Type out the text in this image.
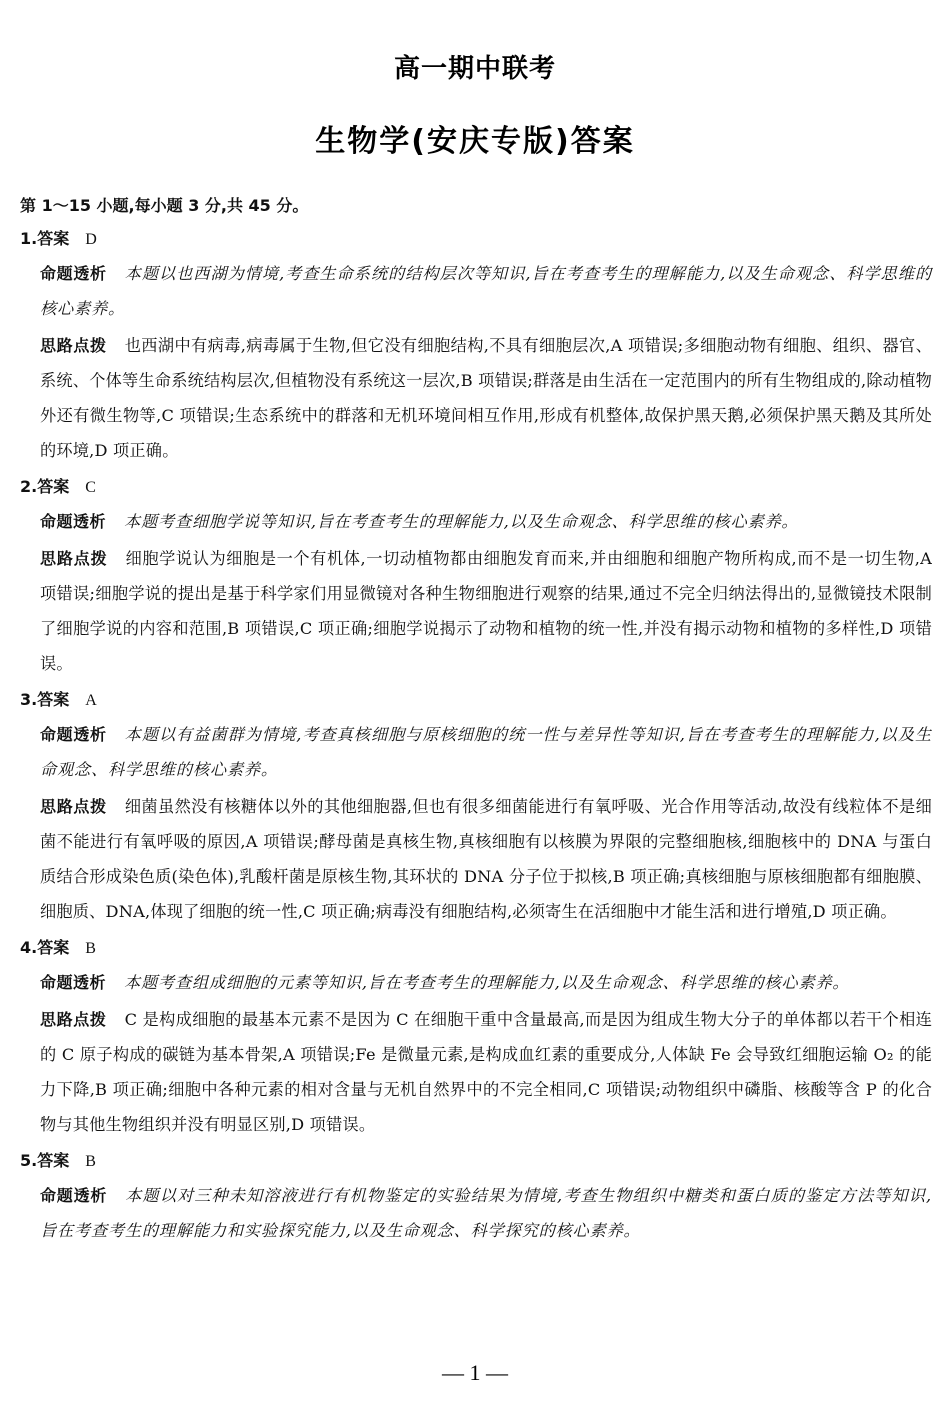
高一期中联考
生物学(安庆专版)答案
第 1～15 小题,每小题 3 分,共 45 分。
1.答案 D
命题透析 本题以也西湖为情境,考查生命系统的结构层次等知识,旨在考查考生的理解能力,以及生命观念、科学思维的核心素养。
思路点拨 也西湖中有病毒,病毒属于生物,但它没有细胞结构,不具有细胞层次,A 项错误;多细胞动物有细胞、组织、器官、系统、个体等生命系统结构层次,但植物没有系统这一层次,B 项错误;群落是由生活在一定范围内的所有生物组成的,除动植物外还有微生物等,C 项错误;生态系统中的群落和无机环境间相互作用,形成有机整体,故保护黑天鹅,必须保护黑天鹅及其所处的环境,D 项正确。
2.答案 C
命题透析 本题考查细胞学说等知识,旨在考查考生的理解能力,以及生命观念、科学思维的核心素养。
思路点拨 细胞学说认为细胞是一个有机体,一切动植物都由细胞发育而来,并由细胞和细胞产物所构成,而不是一切生物,A 项错误;细胞学说的提出是基于科学家们用显微镜对各种生物细胞进行观察的结果,通过不完全归纳法得出的,显微镜技术限制了细胞学说的内容和范围,B 项错误,C 项正确;细胞学说揭示了动物和植物的统一性,并没有揭示动物和植物的多样性,D 项错误。
3.答案 A
命题透析 本题以有益菌群为情境,考查真核细胞与原核细胞的统一性与差异性等知识,旨在考查考生的理解能力,以及生命观念、科学思维的核心素养。
思路点拨 细菌虽然没有核糖体以外的其他细胞器,但也有很多细菌能进行有氧呼吸、光合作用等活动,故没有线粒体不是细菌不能进行有氧呼吸的原因,A 项错误;酵母菌是真核生物,真核细胞有以核膜为界限的完整细胞核,细胞核中的 DNA 与蛋白质结合形成染色质(染色体),乳酸杆菌是原核生物,其环状的 DNA 分子位于拟核,B 项正确;真核细胞与原核细胞都有细胞膜、细胞质、DNA,体现了细胞的统一性,C 项正确;病毒没有细胞结构,必须寄生在活细胞中才能生活和进行增殖,D 项正确。
4.答案 B
命题透析 本题考查组成细胞的元素等知识,旨在考查考生的理解能力,以及生命观念、科学思维的核心素养。
思路点拨 C 是构成细胞的最基本元素不是因为 C 在细胞干重中含量最高,而是因为组成生物大分子的单体都以若干个相连的 C 原子构成的碳链为基本骨架,A 项错误;Fe 是微量元素,是构成血红素的重要成分,人体缺 Fe 会导致红细胞运输 O₂ 的能力下降,B 项正确;细胞中各种元素的相对含量与无机自然界中的不完全相同,C 项错误;动物组织中磷脂、核酸等含 P 的化合物与其他生物组织并没有明显区别,D 项错误。
5.答案 B
命题透析 本题以对三种未知溶液进行有机物鉴定的实验结果为情境,考查生物组织中糖类和蛋白质的鉴定方法等知识,旨在考查考生的理解能力和实验探究能力,以及生命观念、科学探究的核心素养。
— 1 —
